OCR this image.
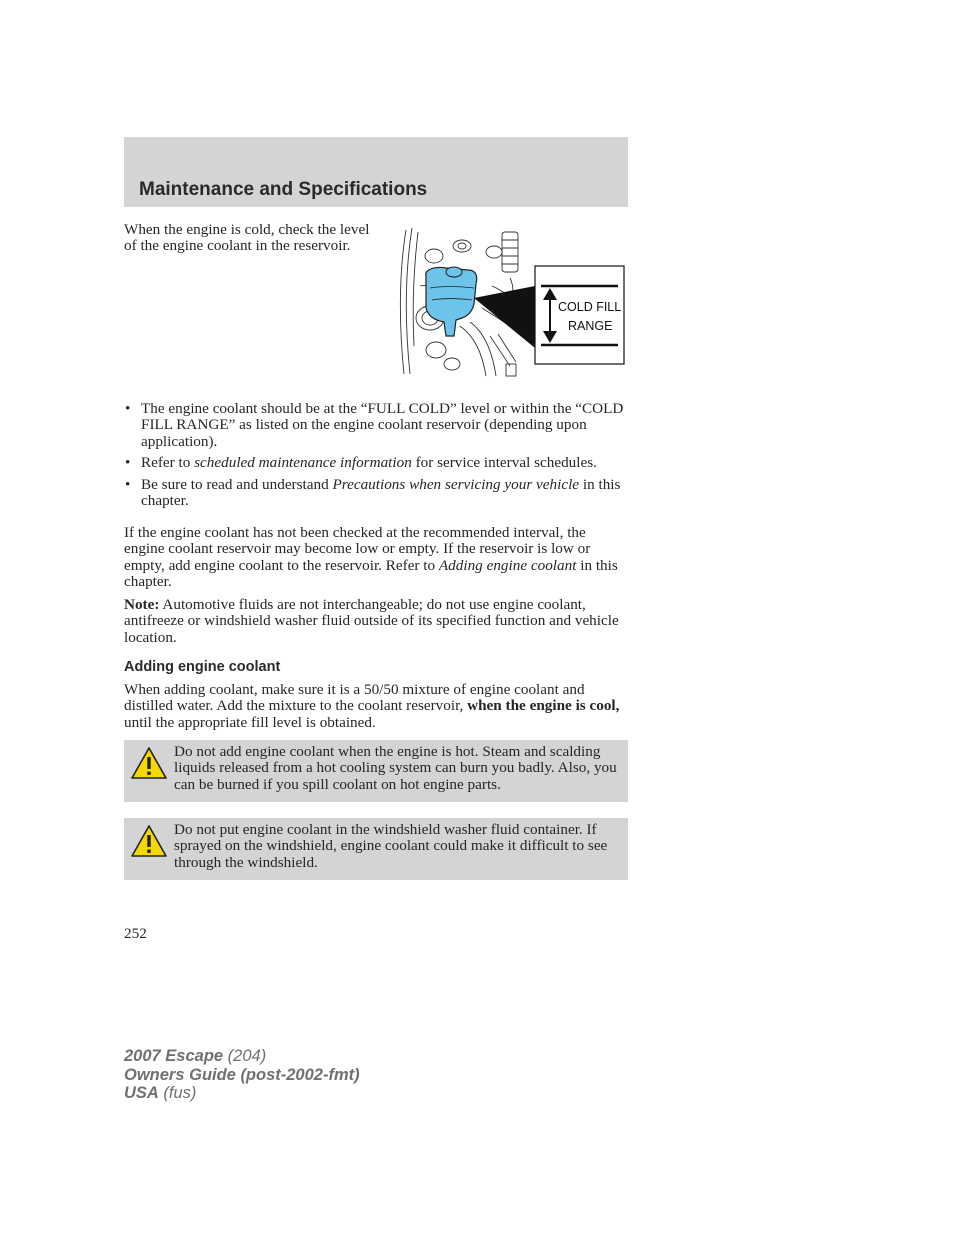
Maintenance and Specifications

When the engine is cold, check the level of the engine coolant in the reservoir.

COLD FILL
RANGE
• The engine coolant should be at the “FULL COLD” level or within the “COLD FILL RANGE” as listed on the engine coolant reservoir (depending upon application).
• Refer to scheduled maintenance information for service interval schedules.
• Be sure to read and understand Precautions when servicing your vehicle in this chapter.

If the engine coolant has not been checked at the recommended interval, the engine coolant reservoir may become low or empty. If the reservoir is low or empty, add engine coolant to the reservoir. Refer to Adding engine coolant in this chapter.

Note: Automotive fluids are not interchangeable; do not use engine coolant, antifreeze or windshield washer fluid outside of its specified function and vehicle location.

Adding engine coolant

When adding coolant, make sure it is a 50/50 mixture of engine coolant and distilled water. Add the mixture to the coolant reservoir, when the engine is cool, until the appropriate fill level is obtained.

Do not add engine coolant when the engine is hot. Steam and scalding liquids released from a hot cooling system can burn you badly. Also, you can be burned if you spill coolant on hot engine parts.
Do not put engine coolant in the windshield washer fluid container. If sprayed on the windshield, engine coolant could make it difficult to see through the windshield.

252

2007 Escape (204)
Owners Guide (post-2002-fmt)
USA (fus)
